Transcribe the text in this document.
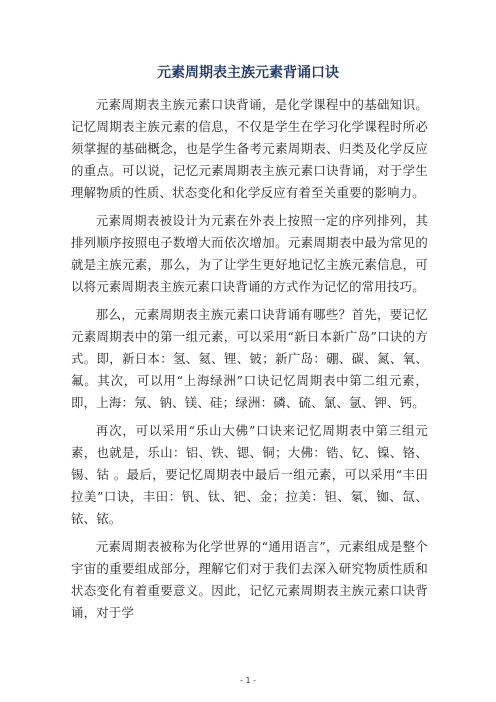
元素周期表主族元素背诵口诀

元素周期表主族元素口诀背诵，是化学课程中的基础知识。记忆周期表主族元素的信息，不仅是学生在学习化学课程时所必须掌握的基础概念，也是学生备考元素周期表、归类及化学反应的重点。可以说，记忆元素周期表主族元素口诀背诵，对于学生理解物质的性质、状态变化和化学反应有着至关重要的影响力。

元素周期表被设计为元素在外表上按照一定的序列排列，其排列顺序按照电子数增大而依次增加。元素周期表中最为常见的就是主族元素，那么，为了让学生更好地记忆主族元素信息，可以将元素周期表主族元素口诀背诵的方式作为记忆的常用技巧。

那么，元素周期表主族元素口诀背诵有哪些？首先，要记忆元素周期表中的第一组元素，可以采用“新日本新广岛”口诀的方式。即，新日本：氢、氦、锂、铍；新广岛：硼、碳、氮、氧、氟。其次，可以用“上海绿洲”口诀记忆周期表中第二组元素，即，上海：氖、钠、镁、硅；绿洲：磷、硫、氯、氩、钾、钙。

再次，可以采用“乐山大佛”口诀来记忆周期表中第三组元素，也就是，乐山：铝、铁、锶、铜；大佛：锆、钇、镍、铬、锡、钴 。最后，要记忆周期表中最后一组元素，可以采用“丰田拉美”口诀，丰田：钒、钛、钯、金；拉美：钽、氡、铷、氙、铱、铱。

元素周期表被称为化学世界的“通用语言”，元素组成是整个宇宙的重要组成部分，理解它们对于我们去深入研究物质性质和状态变化有着重要意义。因此，记忆元素周期表主族元素口诀背诵，对于学

- 1 -
